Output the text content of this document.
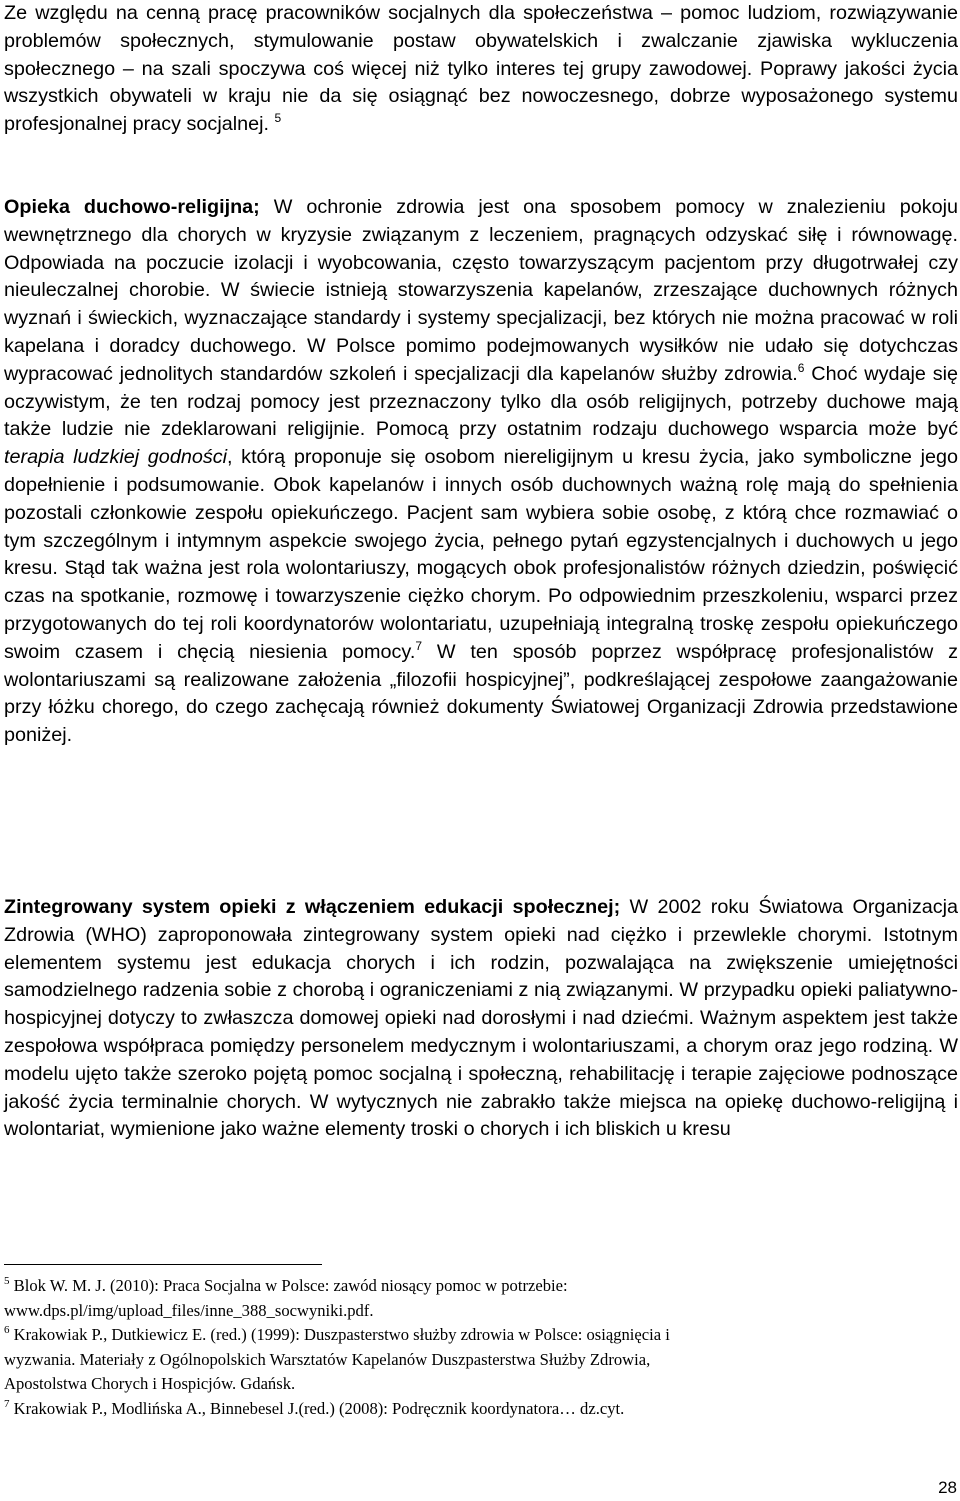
Ze względu na cenną pracę pracowników socjalnych dla społeczeństwa – pomoc ludziom, rozwiązywanie problemów społecznych, stymulowanie postaw obywatelskich i zwalczanie zjawiska wykluczenia społecznego – na szali spoczywa coś więcej niż tylko interes tej grupy zawodowej. Poprawy jakości życia wszystkich obywateli w kraju nie da się osiągnąć bez nowoczesnego, dobrze wyposażonego systemu profesjonalnej pracy socjalnej. $^5$

Opieka duchowo-religijna; W ochronie zdrowia jest ona sposobem pomocy w znalezieniu pokoju wewnętrznego dla chorych w kryzysie związanym z leczeniem, pragnących odzyskać siłę i równowagę. Odpowiada na poczucie izolacji i wyobcowania, często towarzyszącym pacjentom przy długotrwałej czy nieuleczalnej chorobie. W świecie istnieją stowarzyszenia kapelanów, zrzeszające duchownych różnych wyznań i świeckich, wyznaczające standardy i systemy specjalizacji, bez których nie można pracować w roli kapelana i doradcy duchowego. W Polsce pomimo podejmowanych wysiłków nie udało się dotychczas wypracować jednolitych standardów szkoleń i specjalizacji dla kapelanów służby zdrowia.$^6$ Choć wydaje się oczywistym, że ten rodzaj pomocy jest przeznaczony tylko dla osób religijnych, potrzeby duchowe mają także ludzie nie zdeklarowani religijnie. Pomocą przy ostatnim rodzaju duchowego wsparcia może być terapia ludzkiej godności, którą proponuje się osobom niereligijnym u kresu życia, jako symboliczne jego dopełnienie i podsumowanie. Obok kapelanów i innych osób duchownych ważną rolę mają do spełnienia pozostali członkowie zespołu opiekuńczego. Pacjent sam wybiera sobie osobę, z którą chce rozmawiać o tym szczególnym i intymnym aspekcie swojego życia, pełnego pytań egzystencjalnych i duchowych u jego kresu. Stąd tak ważna jest rola wolontariuszy, mogących obok profesjonalistów różnych dziedzin, poświęcić czas na spotkanie, rozmowę i towarzyszenie ciężko chorym. Po odpowiednim przeszkoleniu, wsparci przez przygotowanych do tej roli koordynatorów wolontariatu, uzupełniają integralną troskę zespołu opiekuńczego swoim czasem i chęcią niesienia pomocy.$^7$ W ten sposób poprzez współpracę profesjonalistów z wolontariuszami są realizowane założenia „filozofii hospicyjnej”, podkreślającej zespołowe zaangażowanie przy łóżku chorego, do czego zachęcają również dokumenty Światowej Organizacji Zdrowia przedstawione poniżej.

Zintegrowany system opieki z włączeniem edukacji społecznej; W 2002 roku Światowa Organizacja Zdrowia (WHO) zaproponowała zintegrowany system opieki nad ciężko i przewlekle chorymi. Istotnym elementem systemu jest edukacja chorych i ich rodzin, pozwalająca na zwiększenie umiejętności samodzielnego radzenia sobie z chorobą i ograniczeniami z nią związanymi. W przypadku opieki paliatywno-hospicyjnej dotyczy to zwłaszcza domowej opieki nad dorosłymi i nad dziećmi. Ważnym aspektem jest także zespołowa współpraca pomiędzy personelem medycznym i wolontariuszami, a chorym oraz jego rodziną. W modelu ujęto także szeroko pojętą pomoc socjalną i społeczną, rehabilitację i terapie zajęciowe podnoszące jakość życia terminalnie chorych. W wytycznych nie zabrakło także miejsca na opiekę duchowo-religijną i wolontariat, wymienione jako ważne elementy troski o chorych i ich bliskich u kresu

$^5$ Blok W. M. J. (2010): Praca Socjalna w Polsce: zawód niosący pomoc w potrzebie:

www.dps.pl/img/upload_files/inne_388_socwyniki.pdf.

$^6$ Krakowiak P., Dutkiewicz E. (red.) (1999): Duszpasterstwo służby zdrowia w Polsce: osiągnięcia i

wyzwania. Materiały z Ogólnopolskich Warsztatów Kapelanów Duszpasterstwa Służby Zdrowia,

Apostolstwa Chorych i Hospicjów. Gdańsk.

$^7$ Krakowiak P., Modlińska A., Binnebesel J.(red.) (2008): Podręcznik koordynatora… dz.cyt.

28
